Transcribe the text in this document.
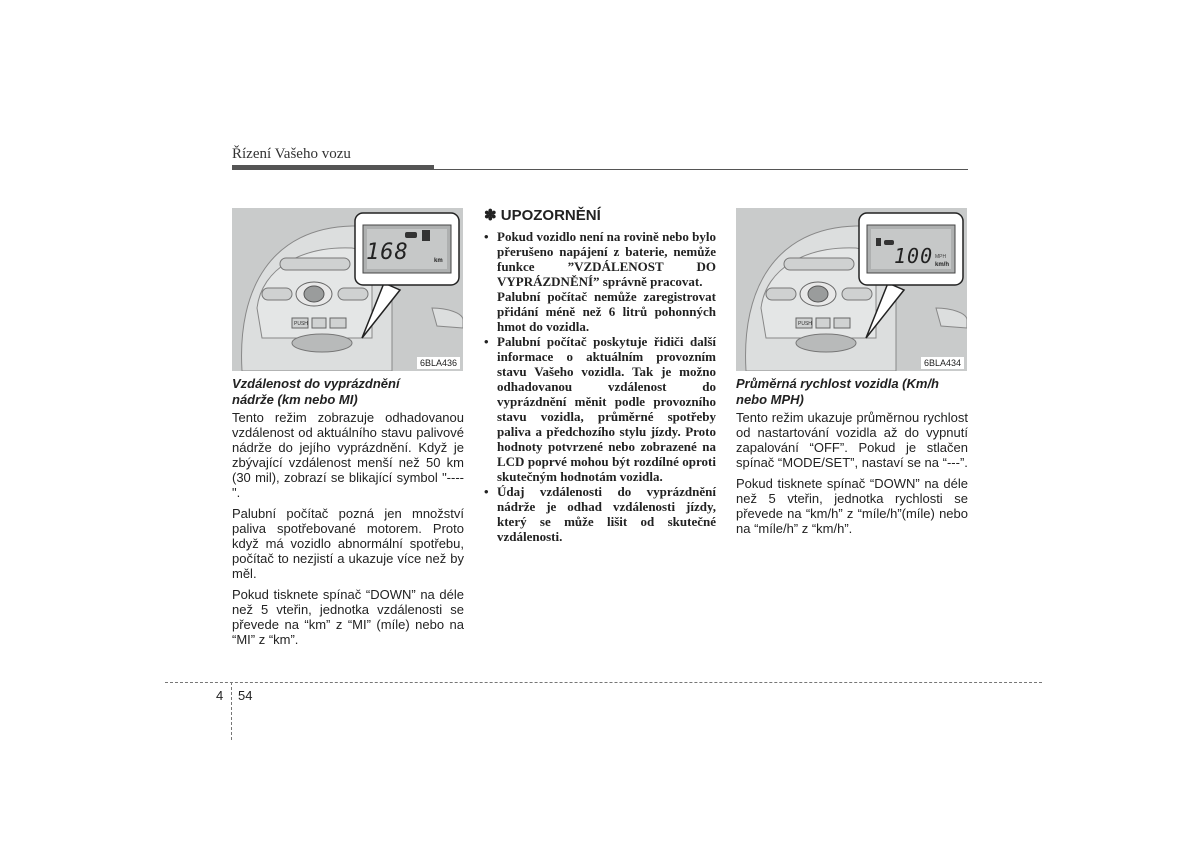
Řízení Vašeho vozu
PUSH
168	km
6BLA436
Vzdálenost do vyprázdnění nádrže (km nebo MI)

Tento režim zobrazuje odhadovanou vzdálenost od aktuálního stavu palivové nádrže do jejího vyprázdnění. Když je zbývající vzdálenost menší než 50 km (30 mil), zobrazí se blikající symbol "----".

Palubní počítač pozná jen množství paliva spotřebované motorem. Proto když má vozidlo abnormální spotřebu, počítač to nezjistí a ukazuje více než by měl.

Pokud tisknete spínač “DOWN” na déle než 5 vteřin, jednotka vzdálenosti se převede na “km” z “MI” (míle) nebo na “MI” z “km”.

✽ UPOZORNĚNÍ
• Pokud vozidlo není na rovině nebo bylo přerušeno napájení z baterie, nemůže funkce ”VZDÁLENOST DO VYPRÁZDNĚNÍ” správně pracovat.
Palubní počítač nemůže zaregistrovat přidání méně než 6 litrů pohonných hmot do vozidla.
• Palubní počítač poskytuje řidiči další informace o aktuálním provozním stavu Vašeho vozidla. Tak je možno odhadovanou vzdálenost do vyprázdnění měnit podle provozního stavu vozidla, průměrné spotřeby paliva a předchozího stylu jízdy. Proto hodnoty potvrzené nebo zobrazené na LCD poprvé mohou být rozdílné oproti skutečným hodnotám vozidla.
• Údaj vzdálenosti do vyprázdnění nádrže je odhad vzdálenosti jízdy, který se může lišit od skutečné vzdálenosti.
PUSH
100 MPH
km/h
6BLA434
Průměrná rychlost vozidla (Km/h nebo MPH)

Tento režim ukazuje průměrnou rychlost od nastartování vozidla až do vypnutí zapalování “OFF”. Pokud je stlačen spínač “MODE/SET”, nastaví se na “---”.

Pokud tisknete spínač “DOWN” na déle než 5 vteřin, jednotka rychlosti se převede na “km/h” z “míle/h”(míle) nebo na “míle/h” z “km/h”.

4 54
